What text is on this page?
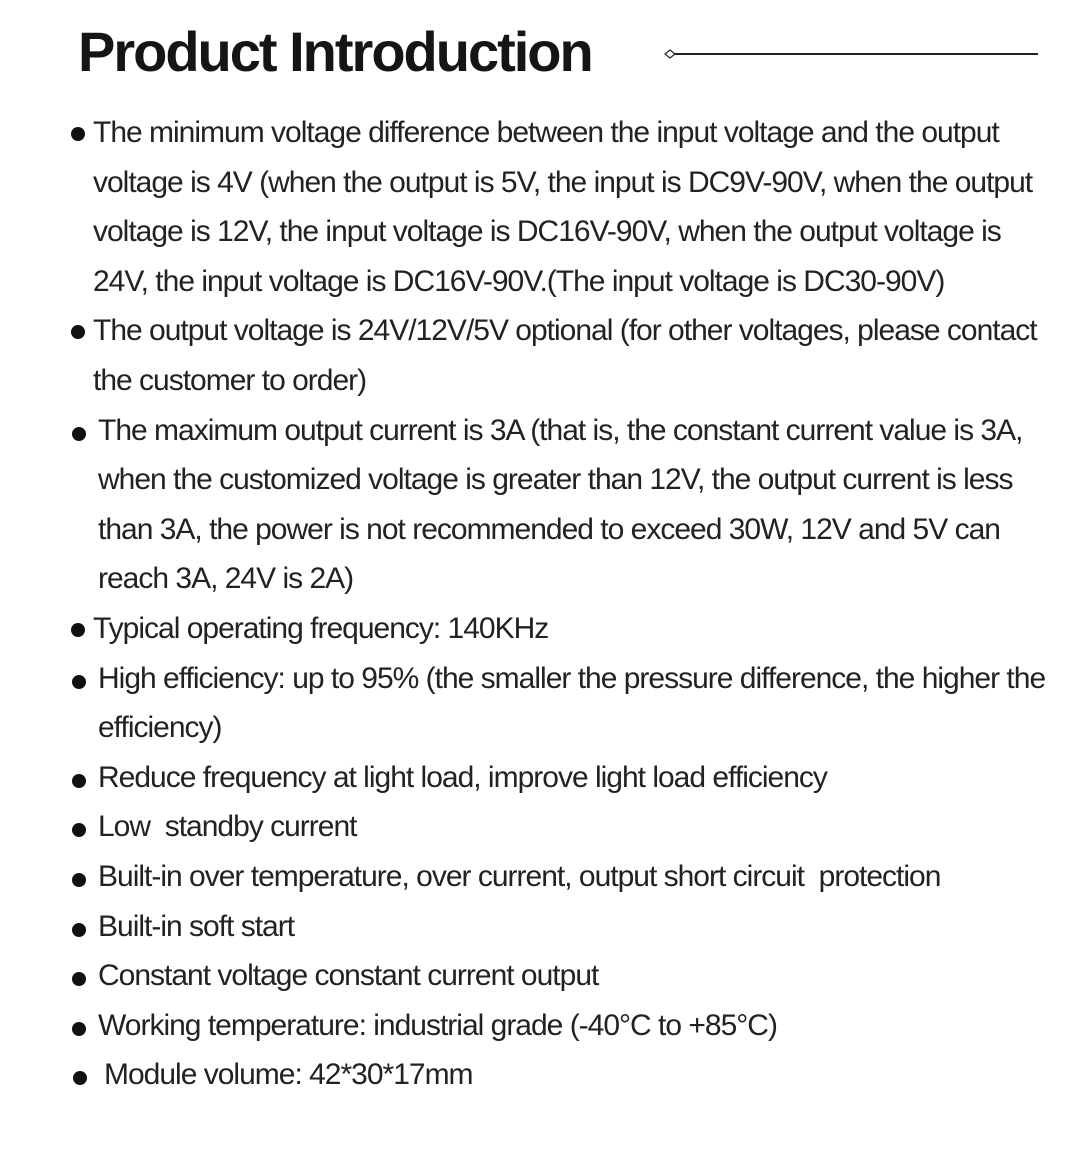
Product Introduction
The minimum voltage difference between the input voltage and the output voltage is 4V (when the output is 5V, the input is DC9V-90V, when the output voltage is 12V, the input voltage is DC16V-90V, when the output voltage is 24V, the input voltage is DC16V-90V.(The input voltage is DC30-90V)
The output voltage is 24V/12V/5V optional (for other voltages, please contact the customer to order)
The maximum output current is 3A (that is, the constant current value is 3A, when the customized voltage is greater than 12V, the output current is less than 3A, the power is not recommended to exceed 30W, 12V and 5V can reach 3A, 24V is 2A)
Typical operating frequency: 140KHz
High efficiency: up to 95% (the smaller the pressure difference, the higher the efficiency)
Reduce frequency at light load, improve light load efficiency
Low  standby current
Built-in over temperature, over current, output short circuit  protection
Built-in soft start
Constant voltage constant current output
Working temperature: industrial grade (-40°C to +85°C)
Module volume: 42*30*17mm
